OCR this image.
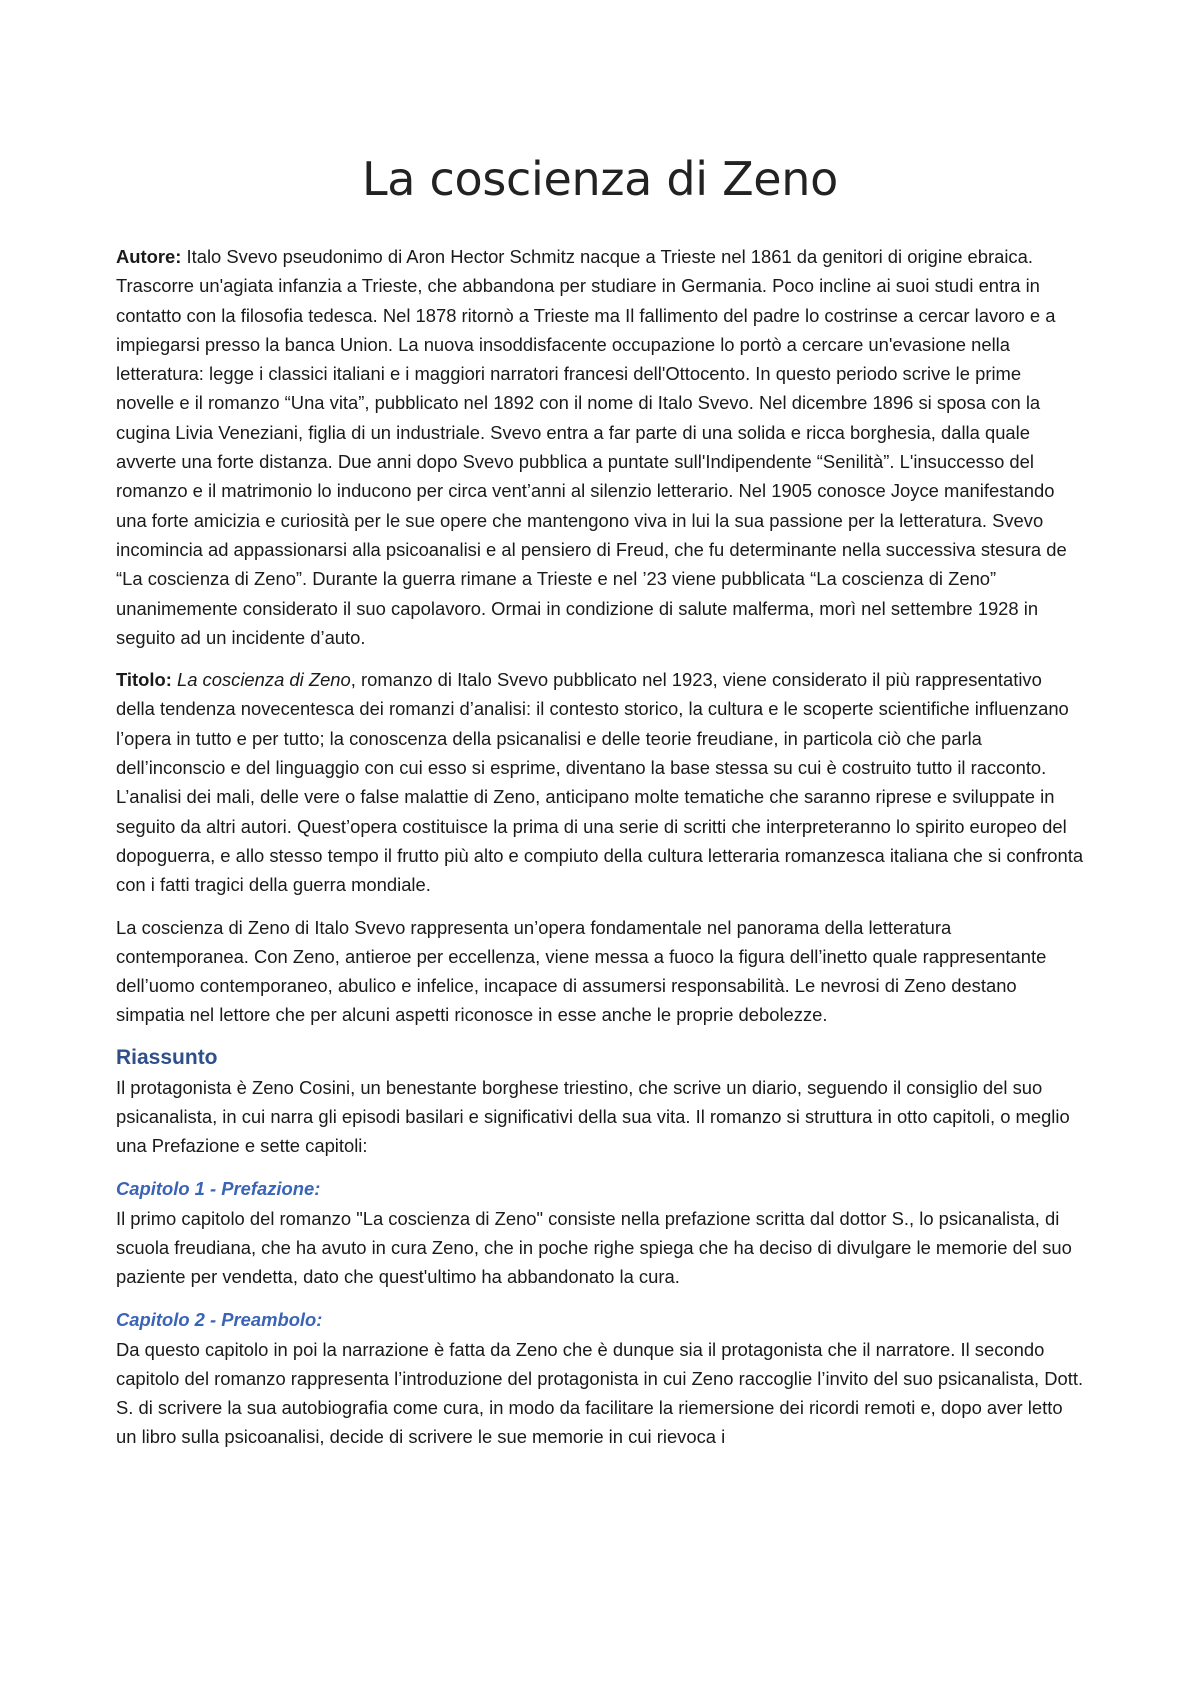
La coscienza di Zeno

Autore: Italo Svevo pseudonimo di Aron Hector Schmitz nacque a Trieste nel 1861 da genitori di origine ebraica. Trascorre un'agiata infanzia a Trieste, che abbandona per studiare in Germania. Poco incline ai suoi studi entra in contatto con la filosofia tedesca. Nel 1878 ritornò a Trieste ma Il fallimento del padre lo costrinse a cercar lavoro e a impiegarsi presso la banca Union. La nuova insoddisfacente occupazione lo portò a cercare un'evasione nella letteratura: legge i classici italiani e i maggiori narratori francesi dell'Ottocento. In questo periodo scrive le prime novelle e il romanzo “Una vita”, pubblicato nel 1892 con il nome di Italo Svevo. Nel dicembre 1896 si sposa con la cugina Livia Veneziani, figlia di un industriale. Svevo entra a far parte di una solida e ricca borghesia, dalla quale avverte una forte distanza. Due anni dopo Svevo pubblica a puntate sull'Indipendente “Senilità”. L'insuccesso del romanzo e il matrimonio lo inducono per circa vent’anni al silenzio letterario. Nel 1905 conosce Joyce manifestando una forte amicizia e curiosità per le sue opere che mantengono viva in lui la sua passione per la letteratura. Svevo incomincia ad appassionarsi alla psicoanalisi e al pensiero di Freud, che fu determinante nella successiva stesura de “La coscienza di Zeno”. Durante la guerra rimane a Trieste e nel ’23 viene pubblicata “La coscienza di Zeno” unanimemente considerato il suo capolavoro. Ormai in condizione di salute malferma, morì nel settembre 1928 in seguito ad un incidente d’auto.

Titolo: La coscienza di Zeno, romanzo di Italo Svevo pubblicato nel 1923, viene considerato il più rappresentativo della tendenza novecentesca dei romanzi d’analisi: il contesto storico, la cultura e le scoperte scientifiche influenzano l’opera in tutto e per tutto; la conoscenza della psicanalisi e delle teorie freudiane, in particola ciò che parla dell’inconscio e del linguaggio con cui esso si esprime, diventano la base stessa su cui è costruito tutto il racconto. L’analisi dei mali, delle vere o false malattie di Zeno, anticipano molte tematiche che saranno riprese e sviluppate in seguito da altri autori. Quest’opera costituisce la prima di una serie di scritti che interpreteranno lo spirito europeo del dopoguerra, e allo stesso tempo il frutto più alto e compiuto della cultura letteraria romanzesca italiana che si confronta con i fatti tragici della guerra mondiale.

La coscienza di Zeno di Italo Svevo rappresenta un’opera fondamentale nel panorama della letteratura contemporanea. Con Zeno, antieroe per eccellenza, viene messa a fuoco la figura dell’inetto quale rappresentante dell’uomo contemporaneo, abulico e infelice, incapace di assumersi responsabilità. Le nevrosi di Zeno destano simpatia nel lettore che per alcuni aspetti riconosce in esse anche le proprie debolezze.

Riassunto

Il protagonista è Zeno Cosini, un benestante borghese triestino, che scrive un diario, seguendo il consiglio del suo psicanalista, in cui narra gli episodi basilari e significativi della sua vita. Il romanzo si struttura in otto capitoli, o meglio una Prefazione e sette capitoli:

Capitolo 1 - Prefazione:

Il primo capitolo del romanzo "La coscienza di Zeno" consiste nella prefazione scritta dal dottor S., lo psicanalista, di scuola freudiana, che ha avuto in cura Zeno, che in poche righe spiega che ha deciso di divulgare le memorie del suo paziente per vendetta, dato che quest'ultimo ha abbandonato la cura.

Capitolo 2 - Preambolo:

Da questo capitolo in poi la narrazione è fatta da Zeno che è dunque sia il protagonista che il narratore. Il secondo capitolo del romanzo rappresenta l’introduzione del protagonista in cui Zeno raccoglie l’invito del suo psicanalista, Dott. S. di scrivere la sua autobiografia come cura, in modo da facilitare la riemersione dei ricordi remoti e, dopo aver letto un libro sulla psicoanalisi, decide di scrivere le sue memorie in cui rievoca i
